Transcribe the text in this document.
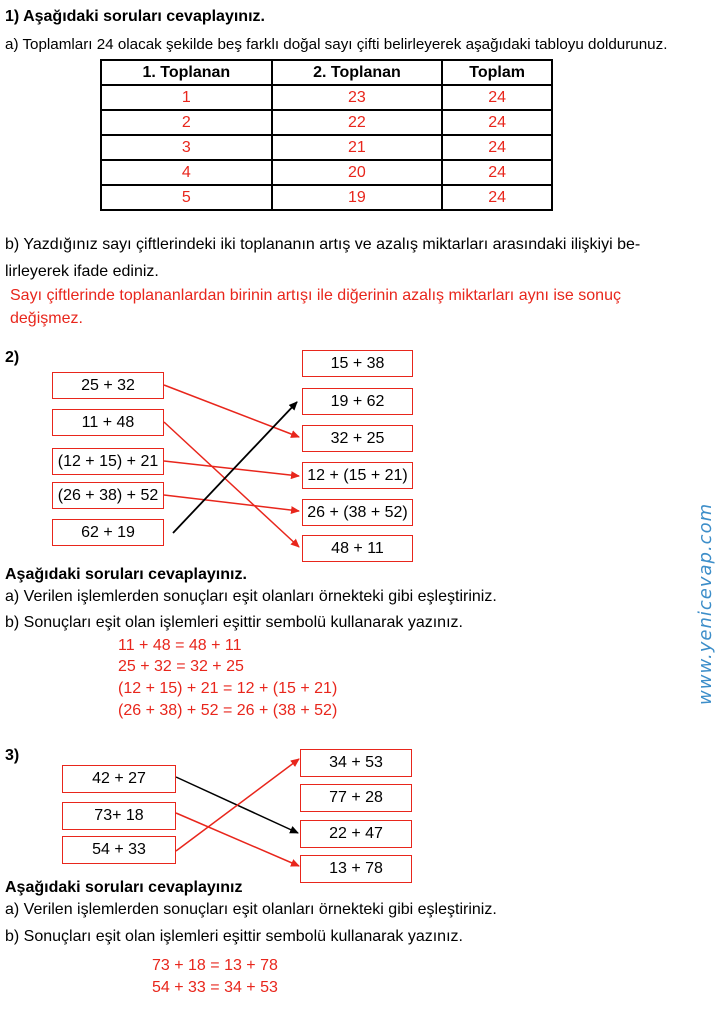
1) Aşağıdaki soruları cevaplayınız.
a) Toplamları 24 olacak şekilde beş farklı doğal sayı çifti belirleyerek aşağıdaki tabloyu doldurunuz.
1. Toplanan	2. Toplanan	Toplam
1	23	24
2	22	24
3	21	24
4	20	24
5	19	24
b) Yazdığınız sayı çiftlerindeki iki toplananın artış ve azalış miktarları arasındaki ilişkiyi be-
lirleyerek ifade ediniz.
Sayı çiftlerinde toplananlardan birinin artışı ile diğerinin azalış miktarları aynı ise sonuç
değişmez.
2)
25 + 32
11 + 48
(12 + 15) + 21
(26 + 38) + 52
62 + 19
15 + 38
19 + 62
32 + 25
12 + (15 + 21)
26 + (38 + 52)
48 + 11
Aşağıdaki soruları cevaplayınız.
a) Verilen işlemlerden sonuçları eşit olanları örnekteki gibi eşleştiriniz.
b) Sonuçları eşit olan işlemleri eşittir sembolü kullanarak yazınız.
11 + 48 = 48 + 11
25 + 32 = 32 + 25
(12 + 15) + 21 = 12 + (15 + 21)
(26 + 38) + 52 = 26 + (38 + 52)
3)
42 + 27
73+ 18
54 + 33
34 + 53
77 + 28
22 + 47
13 + 78
Aşağıdaki soruları cevaplayınız
a) Verilen işlemlerden sonuçları eşit olanları örnekteki gibi eşleştiriniz.
b) Sonuçları eşit olan işlemleri eşittir sembolü kullanarak yazınız.
73 + 18 = 13 + 78
54 + 33 = 34 + 53
www.yenicevap.com
